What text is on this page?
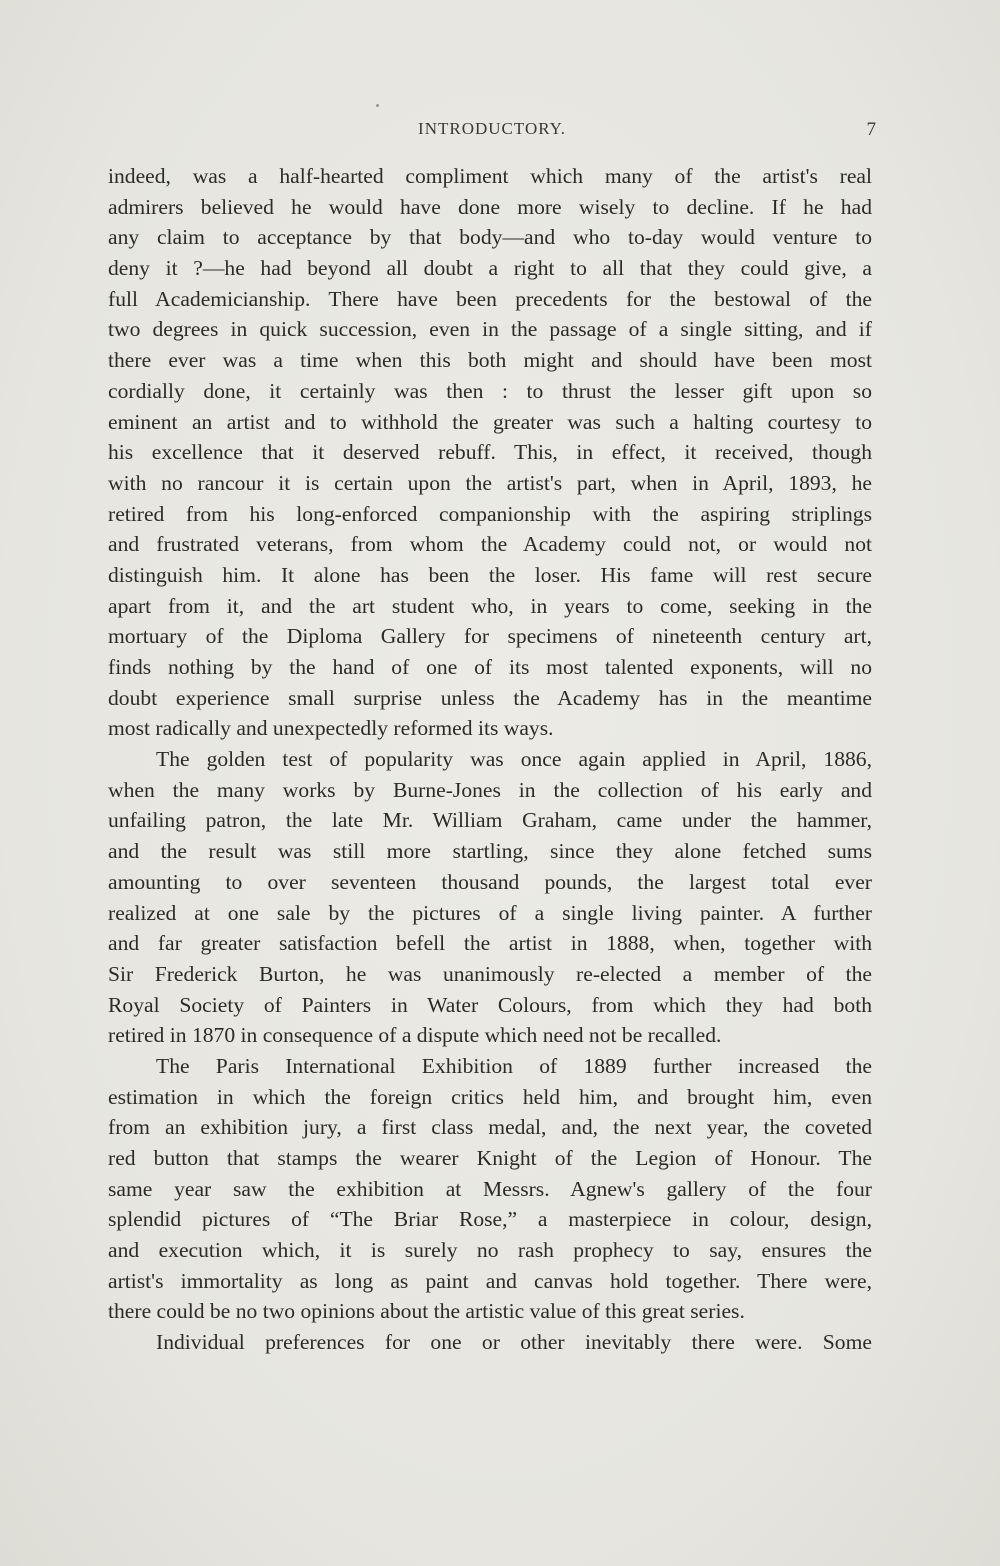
INTRODUCTORY.	7
indeed, was a half-hearted compliment which many of the artist's real
admirers believed he would have done more wisely to decline. If he had
any claim to acceptance by that body—and who to-day would venture to
deny it ?—he had beyond all doubt a right to all that they could give, a
full Academicianship. There have been precedents for the bestowal of the
two degrees in quick succession, even in the passage of a single sitting, and if
there ever was a time when this both might and should have been most
cordially done, it certainly was then : to thrust the lesser gift upon so
eminent an artist and to withhold the greater was such a halting courtesy to
his excellence that it deserved rebuff. This, in effect, it received, though
with no rancour it is certain upon the artist's part, when in April, 1893, he
retired from his long-enforced companionship with the aspiring striplings
and frustrated veterans, from whom the Academy could not, or would not
distinguish him. It alone has been the loser. His fame will rest secure
apart from it, and the art student who, in years to come, seeking in the
mortuary of the Diploma Gallery for specimens of nineteenth century art,
finds nothing by the hand of one of its most talented exponents, will no
doubt experience small surprise unless the Academy has in the meantime
most radically and unexpectedly reformed its ways.
The golden test of popularity was once again applied in April, 1886,
when the many works by Burne-Jones in the collection of his early and
unfailing patron, the late Mr. William Graham, came under the hammer,
and the result was still more startling, since they alone fetched sums
amounting to over seventeen thousand pounds, the largest total ever
realized at one sale by the pictures of a single living painter. A further
and far greater satisfaction befell the artist in 1888, when, together with
Sir Frederick Burton, he was unanimously re-elected a member of the
Royal Society of Painters in Water Colours, from which they had both
retired in 1870 in consequence of a dispute which need not be recalled.
The Paris International Exhibition of 1889 further increased the
estimation in which the foreign critics held him, and brought him, even
from an exhibition jury, a first class medal, and, the next year, the coveted
red button that stamps the wearer Knight of the Legion of Honour. The
same year saw the exhibition at Messrs. Agnew's gallery of the four
splendid pictures of “The Briar Rose,” a masterpiece in colour, design,
and execution which, it is surely no rash prophecy to say, ensures the
artist's immortality as long as paint and canvas hold together. There were,
there could be no two opinions about the artistic value of this great series.
Individual preferences for one or other inevitably there were. Some
